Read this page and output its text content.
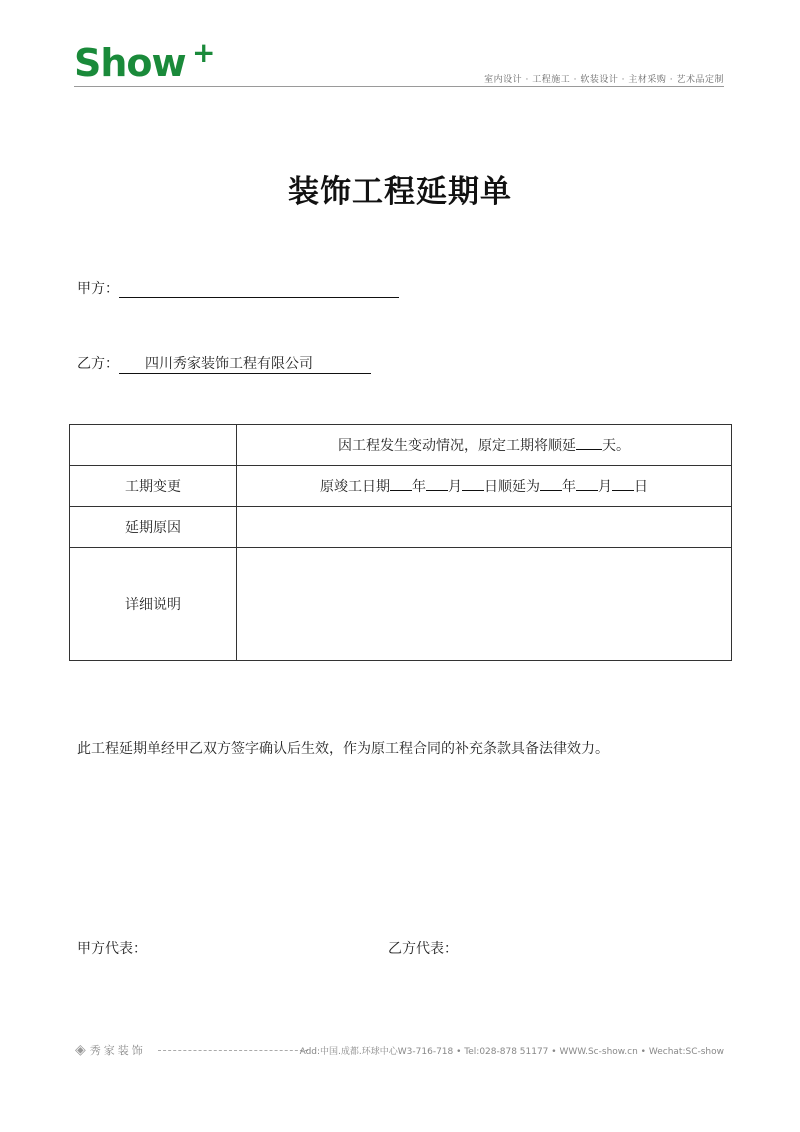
Show +
室内设计 · 工程施工 · 软装设计 · 主材采购 · 艺术品定制
装饰工程延期单
甲方：
乙方： 四川秀家装饰工程有限公司
	因工程发生变动情况，原定工期将顺延 天。
工期变更	原竣工日期 年 月 日顺延为 年 月 日
延期原因	
详细说明	
此工程延期单经甲乙双方签字确认后生效，作为原工程合同的补充条款具备法律效力。
甲方代表：	乙方代表：
◈ 秀家装饰	Add:中国.成都.环球中心W3-716-718 • Tel:028-878 51177 • WWW.Sc-show.cn • Wechat:SC-show
